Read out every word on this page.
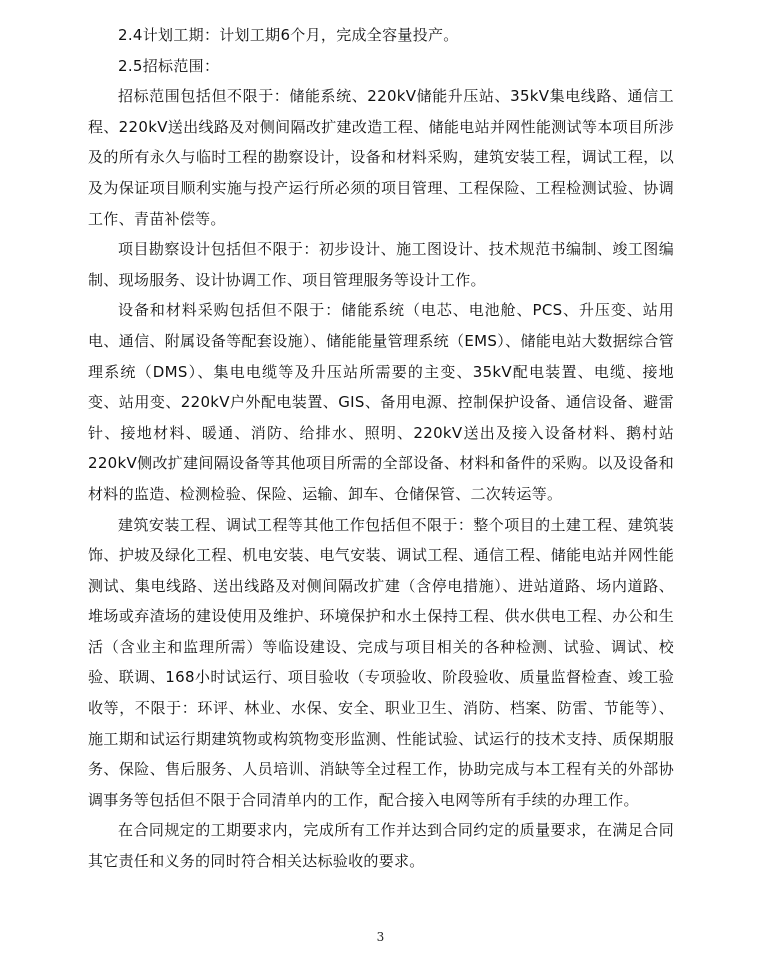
2.4计划工期：计划工期6个月，完成全容量投产。

2.5招标范围：

招标范围包括但不限于：储能系统、220kV储能升压站、35kV集电线路、通信工程、220kV送出线路及对侧间隔改扩建改造工程、储能电站并网性能测试等本项目所涉及的所有永久与临时工程的勘察设计，设备和材料采购，建筑安装工程，调试工程，以及为保证项目顺利实施与投产运行所必须的项目管理、工程保险、工程检测试验、协调工作、青苗补偿等。

项目勘察设计包括但不限于：初步设计、施工图设计、技术规范书编制、竣工图编制、现场服务、设计协调工作、项目管理服务等设计工作。

设备和材料采购包括但不限于：储能系统（电芯、电池舱、PCS、升压变、站用电、通信、附属设备等配套设施）、储能能量管理系统（EMS）、储能电站大数据综合管理系统（DMS）、集电电缆等及升压站所需要的主变、35kV配电装置、电缆、接地变、站用变、220kV户外配电装置、GIS、备用电源、控制保护设备、通信设备、避雷针、接地材料、暖通、消防、给排水、照明、220kV送出及接入设备材料、鹅村站220kV侧改扩建间隔设备等其他项目所需的全部设备、材料和备件的采购。以及设备和材料的监造、检测检验、保险、运输、卸车、仓储保管、二次转运等。

建筑安装工程、调试工程等其他工作包括但不限于：整个项目的土建工程、建筑装饰、护坡及绿化工程、机电安装、电气安装、调试工程、通信工程、储能电站并网性能测试、集电线路、送出线路及对侧间隔改扩建（含停电措施）、进站道路、场内道路、堆场或弃渣场的建设使用及维护、环境保护和水土保持工程、供水供电工程、办公和生活（含业主和监理所需）等临设建设、完成与项目相关的各种检测、试验、调试、校验、联调、168小时试运行、项目验收（专项验收、阶段验收、质量监督检查、竣工验收等，不限于：环评、林业、水保、安全、职业卫生、消防、档案、防雷、节能等）、施工期和试运行期建筑物或构筑物变形监测、性能试验、试运行的技术支持、质保期服务、保险、售后服务、人员培训、消缺等全过程工作，协助完成与本工程有关的外部协调事务等包括但不限于合同清单内的工作，配合接入电网等所有手续的办理工作。

在合同规定的工期要求内，完成所有工作并达到合同约定的质量要求，在满足合同其它责任和义务的同时符合相关达标验收的要求。

3
